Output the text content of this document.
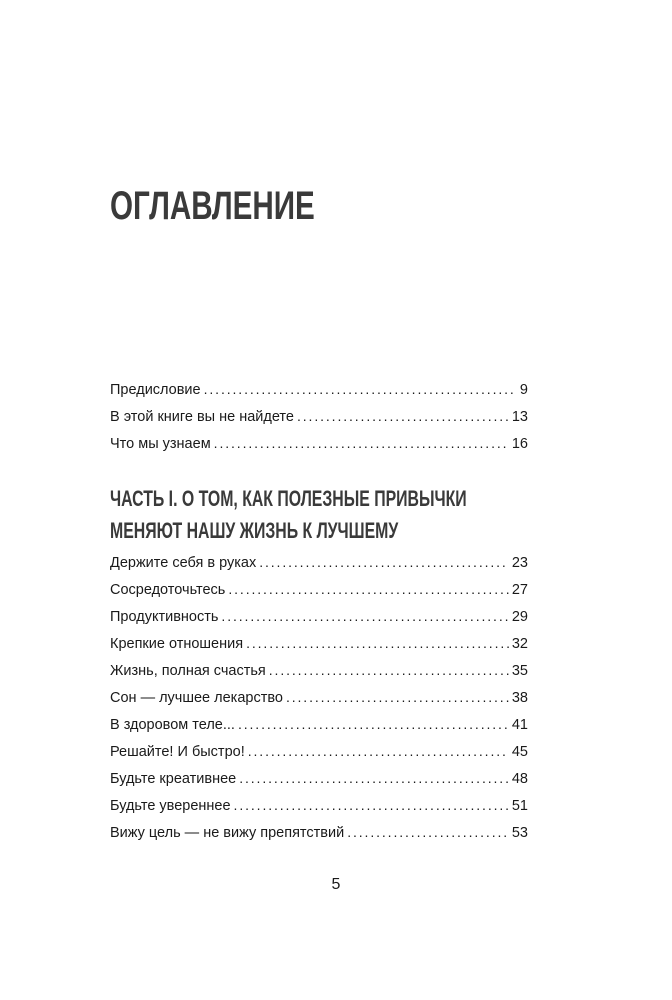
ОГЛАВЛЕНИЕ
Предисловие . . .	9
В этой книге вы не найдете . . .	13
Что мы узнаем . . .	16
ЧАСТЬ I. О ТОМ, КАК ПОЛЕЗНЫЕ ПРИВЫЧКИ
МЕНЯЮТ НАШУ ЖИЗНЬ К ЛУЧШЕМУ
Держите себя в руках . . .	23
Сосредоточьтесь . . .	27
Продуктивность . . .	29
Крепкие отношения . . .	32
Жизнь, полная счастья . . .	35
Сон — лучшее лекарство . . .	38
В здоровом теле... . . .	41
Решайте! И быстро! . . .	45
Будьте креативнее . . .	48
Будьте увереннее . . .	51
Вижу цель — не вижу препятствий . . .	53
5
